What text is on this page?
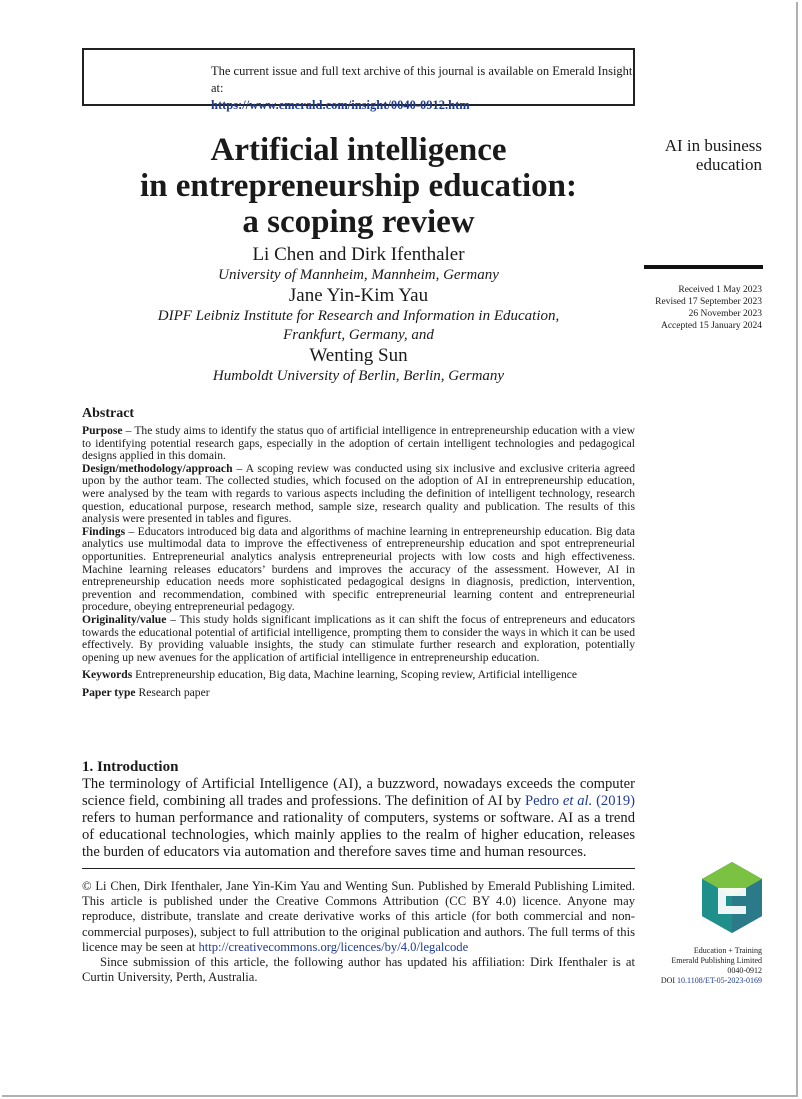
The current issue and full text archive of this journal is available on Emerald Insight at:
https://www.emerald.com/insight/0040-0912.htm
Artificial intelligence
in entrepreneurship education:
a scoping review
Li Chen and Dirk Ifenthaler
University of Mannheim, Mannheim, Germany
Jane Yin-Kim Yau
DIPF Leibniz Institute for Research and Information in Education,
Frankfurt, Germany, and
Wenting Sun
Humboldt University of Berlin, Berlin, Germany
AI in business
education
Received 1 May 2023
Revised 17 September 2023
26 November 2023
Accepted 15 January 2024
Abstract

Purpose – The study aims to identify the status quo of artificial intelligence in entrepreneurship education with a view to identifying potential research gaps, especially in the adoption of certain intelligent technologies and pedagogical designs applied in this domain.

Design/methodology/approach – A scoping review was conducted using six inclusive and exclusive criteria agreed upon by the author team. The collected studies, which focused on the adoption of AI in entrepreneurship education, were analysed by the team with regards to various aspects including the definition of intelligent technology, research question, educational purpose, research method, sample size, research quality and publication. The results of this analysis were presented in tables and figures.

Findings – Educators introduced big data and algorithms of machine learning in entrepreneurship education. Big data analytics use multimodal data to improve the effectiveness of entrepreneurship education and spot entrepreneurial opportunities. Entrepreneurial analytics analysis entrepreneurial projects with low costs and high effectiveness. Machine learning releases educators’ burdens and improves the accuracy of the assessment. However, AI in entrepreneurship education needs more sophisticated pedagogical designs in diagnosis, prediction, intervention, prevention and recommendation, combined with specific entrepreneurial learning content and entrepreneurial procedure, obeying entrepreneurial pedagogy.

Originality/value – This study holds significant implications as it can shift the focus of entrepreneurs and educators towards the educational potential of artificial intelligence, prompting them to consider the ways in which it can be used effectively. By providing valuable insights, the study can stimulate further research and exploration, potentially opening up new avenues for the application of artificial intelligence in entrepreneurship education.

Keywords Entrepreneurship education, Big data, Machine learning, Scoping review, Artificial intelligence

Paper type Research paper

1. Introduction

The terminology of Artificial Intelligence (AI), a buzzword, nowadays exceeds the computer science field, combining all trades and professions. The definition of AI by Pedro et al. (2019) refers to human performance and rationality of computers, systems or software. AI as a trend of educational technologies, which mainly applies to the realm of higher education, releases the burden of educators via automation and therefore saves time and human resources.

© Li Chen, Dirk Ifenthaler, Jane Yin-Kim Yau and Wenting Sun. Published by Emerald Publishing Limited. This article is published under the Creative Commons Attribution (CC BY 4.0) licence. Anyone may reproduce, distribute, translate and create derivative works of this article (for both commercial and non-commercial purposes), subject to full attribution to the original publication and authors. The full terms of this licence may be seen at http://creativecommons.org/licences/by/4.0/legalcode

Since submission of this article, the following author has updated his affiliation: Dirk Ifenthaler is at Curtin University, Perth, Australia.

Education + Training
Emerald Publishing Limited
0040-0912
DOI 10.1108/ET-05-2023-0169
